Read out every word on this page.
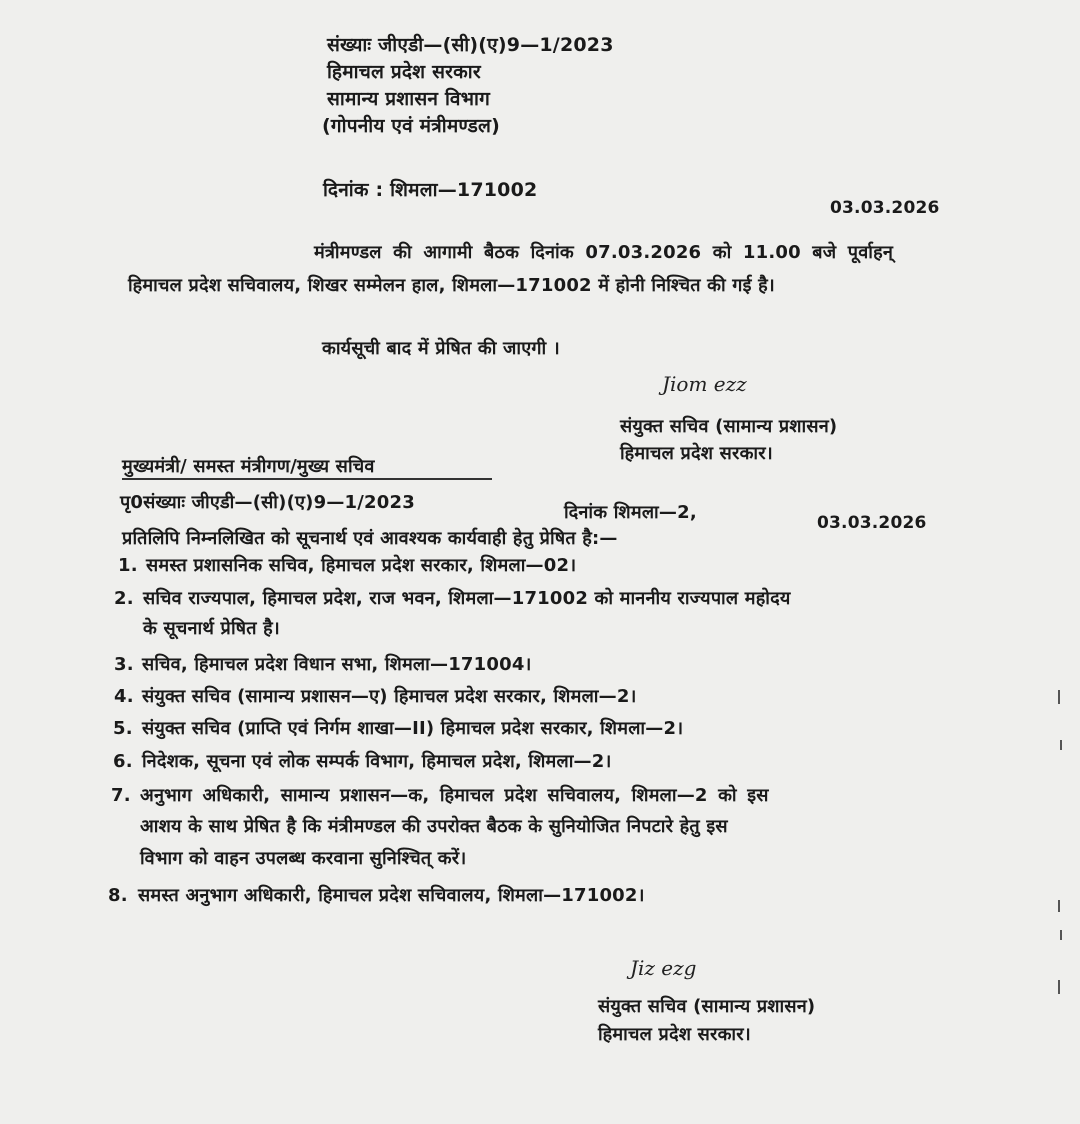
संख्याः जीएडी—(सी)(ए)9—1/2023
हिमाचल प्रदेश सरकार
सामान्य प्रशासन विभाग
(गोपनीय एवं मंत्रीमण्डल)
दिनांक : शिमला—171002
03.03.2026
मंत्रीमण्डल की आगामी बैठक दिनांक 07.03.2026 को 11.00 बजे पूर्वाहन्
हिमाचल प्रदेश सचिवालय, शिखर सम्मेलन हाल, शिमला—171002 में होनी निश्चित की गई है।
कार्यसूची बाद में प्रेषित की जाएगी ।
Jiom ezz
संयुक्त सचिव (सामान्य प्रशासन)
हिमाचल प्रदेश सरकार।
मुख्यमंत्री/ समस्त मंत्रीगण/मुख्य सचिव
पृ0संख्याः जीएडी—(सी)(ए)9—1/2023	दिनांक शिमला—2,	03.03.2026
प्रतिलिपि निम्नलिखित को सूचनार्थ एवं आवश्यक कार्यवाही हेतु प्रेषित है:—
1. समस्त प्रशासनिक सचिव, हिमाचल प्रदेश सरकार, शिमला—02।
2. सचिव राज्यपाल, हिमाचल प्रदेश, राज भवन, शिमला—171002 को माननीय राज्यपाल महोदय
के सूचनार्थ प्रेषित है।
3. सचिव, हिमाचल प्रदेश विधान सभा, शिमला—171004।
4. संयुक्त सचिव (सामान्य प्रशासन—ए) हिमाचल प्रदेश सरकार, शिमला—2।
5. संयुक्त सचिव (प्राप्ति एवं निर्गम शाखा—II) हिमाचल प्रदेश सरकार, शिमला—2।
6. निदेशक, सूचना एवं लोक सम्पर्क विभाग, हिमाचल प्रदेश, शिमला—2।
7. अनुभाग अधिकारी, सामान्य प्रशासन—क, हिमाचल प्रदेश सचिवालय, शिमला—2 को इस
आशय के साथ प्रेषित है कि मंत्रीमण्डल की उपरोक्त बैठक के सुनियोजित निपटारे हेतु इस
विभाग को वाहन उपलब्ध करवाना सुनिश्चित् करें।
8. समस्त अनुभाग अधिकारी, हिमाचल प्रदेश सचिवालय, शिमला—171002।
Jiz ezg
संयुक्त सचिव (सामान्य प्रशासन)
हिमाचल प्रदेश सरकार।
